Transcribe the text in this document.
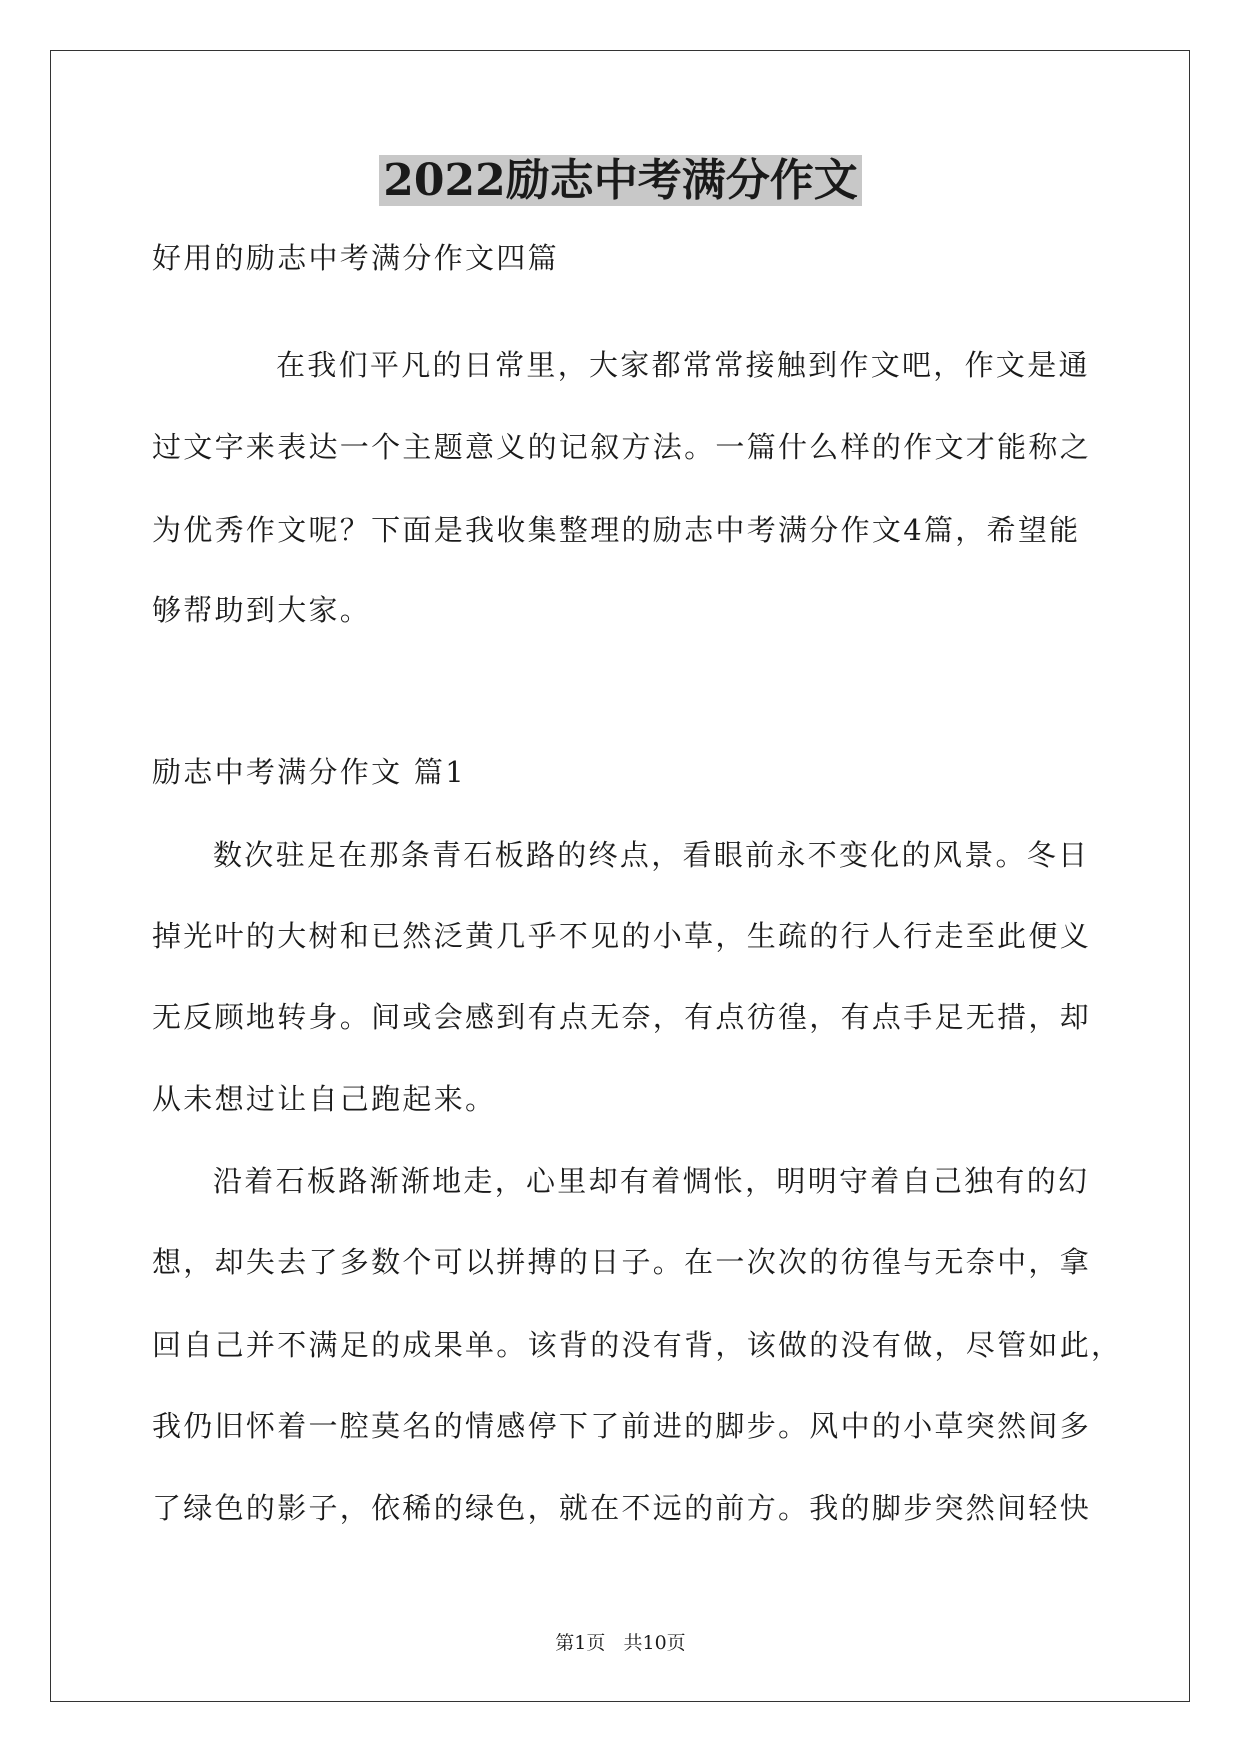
2022励志中考满分作文
好用的励志中考满分作文四篇
在我们平凡的日常里，大家都常常接触到作文吧，作文是通
过文字来表达一个主题意义的记叙方法。一篇什么样的作文才能称之
为优秀作文呢？下面是我收集整理的励志中考满分作文4篇，希望能
够帮助到大家。
励志中考满分作文 篇1
数次驻足在那条青石板路的终点，看眼前永不变化的风景。冬日
掉光叶的大树和已然泛黄几乎不见的小草，生疏的行人行走至此便义
无反顾地转身。间或会感到有点无奈，有点彷徨，有点手足无措，却
从未想过让自己跑起来。
沿着石板路渐渐地走，心里却有着惆怅，明明守着自己独有的幻
想，却失去了多数个可以拼搏的日子。在一次次的彷徨与无奈中，拿
回自己并不满足的成果单。该背的没有背，该做的没有做，尽管如此，
我仍旧怀着一腔莫名的情感停下了前进的脚步。风中的小草突然间多
了绿色的影子，依稀的绿色，就在不远的前方。我的脚步突然间轻快
第1页   共10页
